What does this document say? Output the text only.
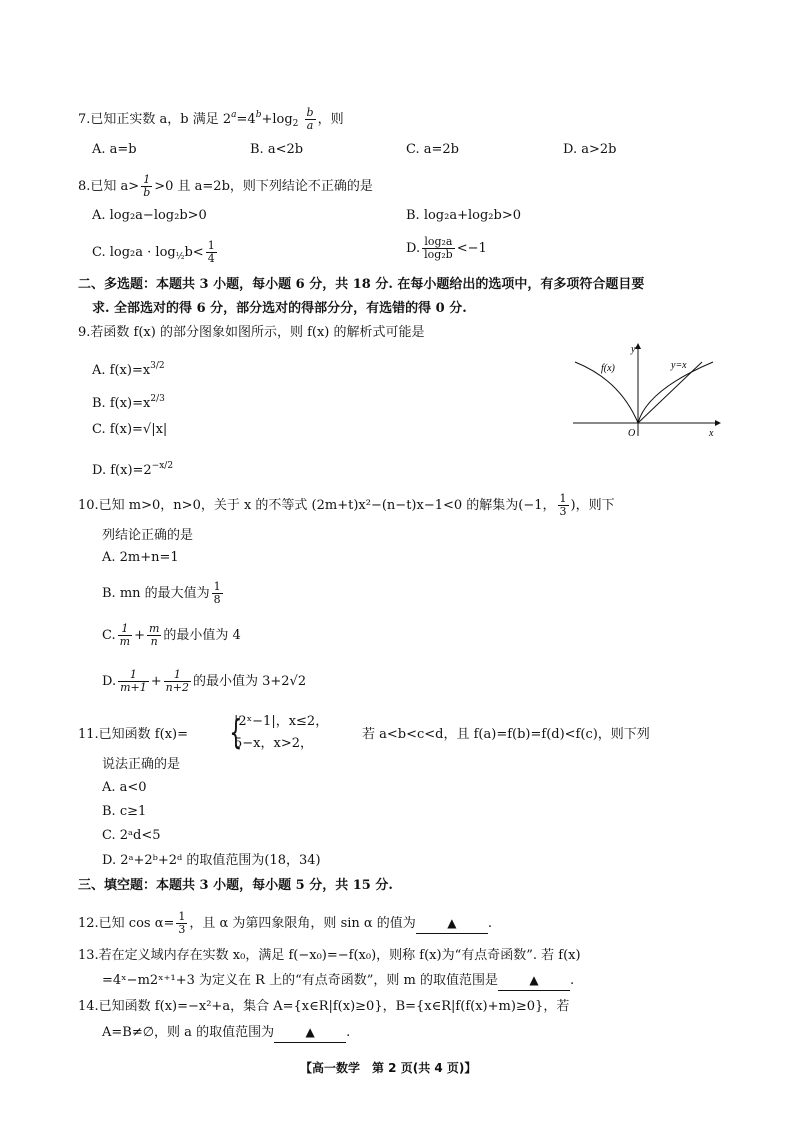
7.已知正实数 a，b 满足 $2^a=4^b+\log_2 \frac{b}{a}$ ，则
A. a=b	B. a<2b	C. a=2b	D. a>2b
8.已知 $a> \frac{1}{b} >0$ 且 a=2b，则下列结论不正确的是
A. log₂a−log₂b>0	B. log₂a+log₂b>0
C. $\log_2a \cdot \log_{\frac{1}{2}}b< \frac{1}{4}$	D. $\frac{\text{log₂a}}{\text{log₂b}} <-1$
二、多选题：本题共 3 小题，每小题 6 分，共 18 分. 在每小题给出的选项中，有多项符合题目要
求. 全部选对的得 6 分，部分选对的得部分分，有选错的得 0 分.
9.若函数 f(x) 的部分图象如图所示，则 f(x) 的解析式可能是
A. $f(x)=x^{3/2}$
B. $f(x)=x^{2/3}$
C. f(x)=√|x|
D. $f(x)=2^{-x/2}$
f(x)	y=x
y
x
O
10.已知 m>0，n>0，关于 x 的不等式 (2m+t)x²−(n−t)x−1<0 的解集为(−1， $\frac{1}{3}$ )，则下
列结论正确的是
A. 2m+n=1
B. mn 的最大值为 $\frac{1}{8}$
C. $\frac{1}{m} + \frac{m}{n}$ 的最小值为 4
D. $\frac{1}{m+1} + \frac{1}{n+2}$ 的最小值为 3+2√2
11.已知函数 f(x)= {
|2ˣ−1|，x≤2，
5−x，x>2，
若 a<b<c<d，且 f(a)=f(b)=f(d)<f(c)，则下列
说法正确的是
A. a<0
B. c≥1
C. 2ᵃd<5
D. 2ᵃ+2ᵇ+2ᵈ 的取值范围为(18，34)
三、填空题：本题共 3 小题，每小题 5 分，共 15 分.
12.已知 $\cos \alpha= \frac{1}{3}$ ，且 α 为第四象限角，则 sin α 的值为	▲ .
13.若在定义域内存在实数 x₀，满足 f(−x₀)=−f(x₀)，则称 f(x)为“有点奇函数”. 若 f(x)
=4ˣ−m2ˣ⁺¹+3 为定义在 R 上的“有点奇函数”，则 m 的取值范围是	▲ .
14.已知函数 f(x)=−x²+a，集合 A={x∈R|f(x)≥0}，B={x∈R|f(f(x)+m)≥0}，若
A=B≠∅，则 a 的取值范围为	▲ .
【高一数学　第 2 页(共 4 页)】
